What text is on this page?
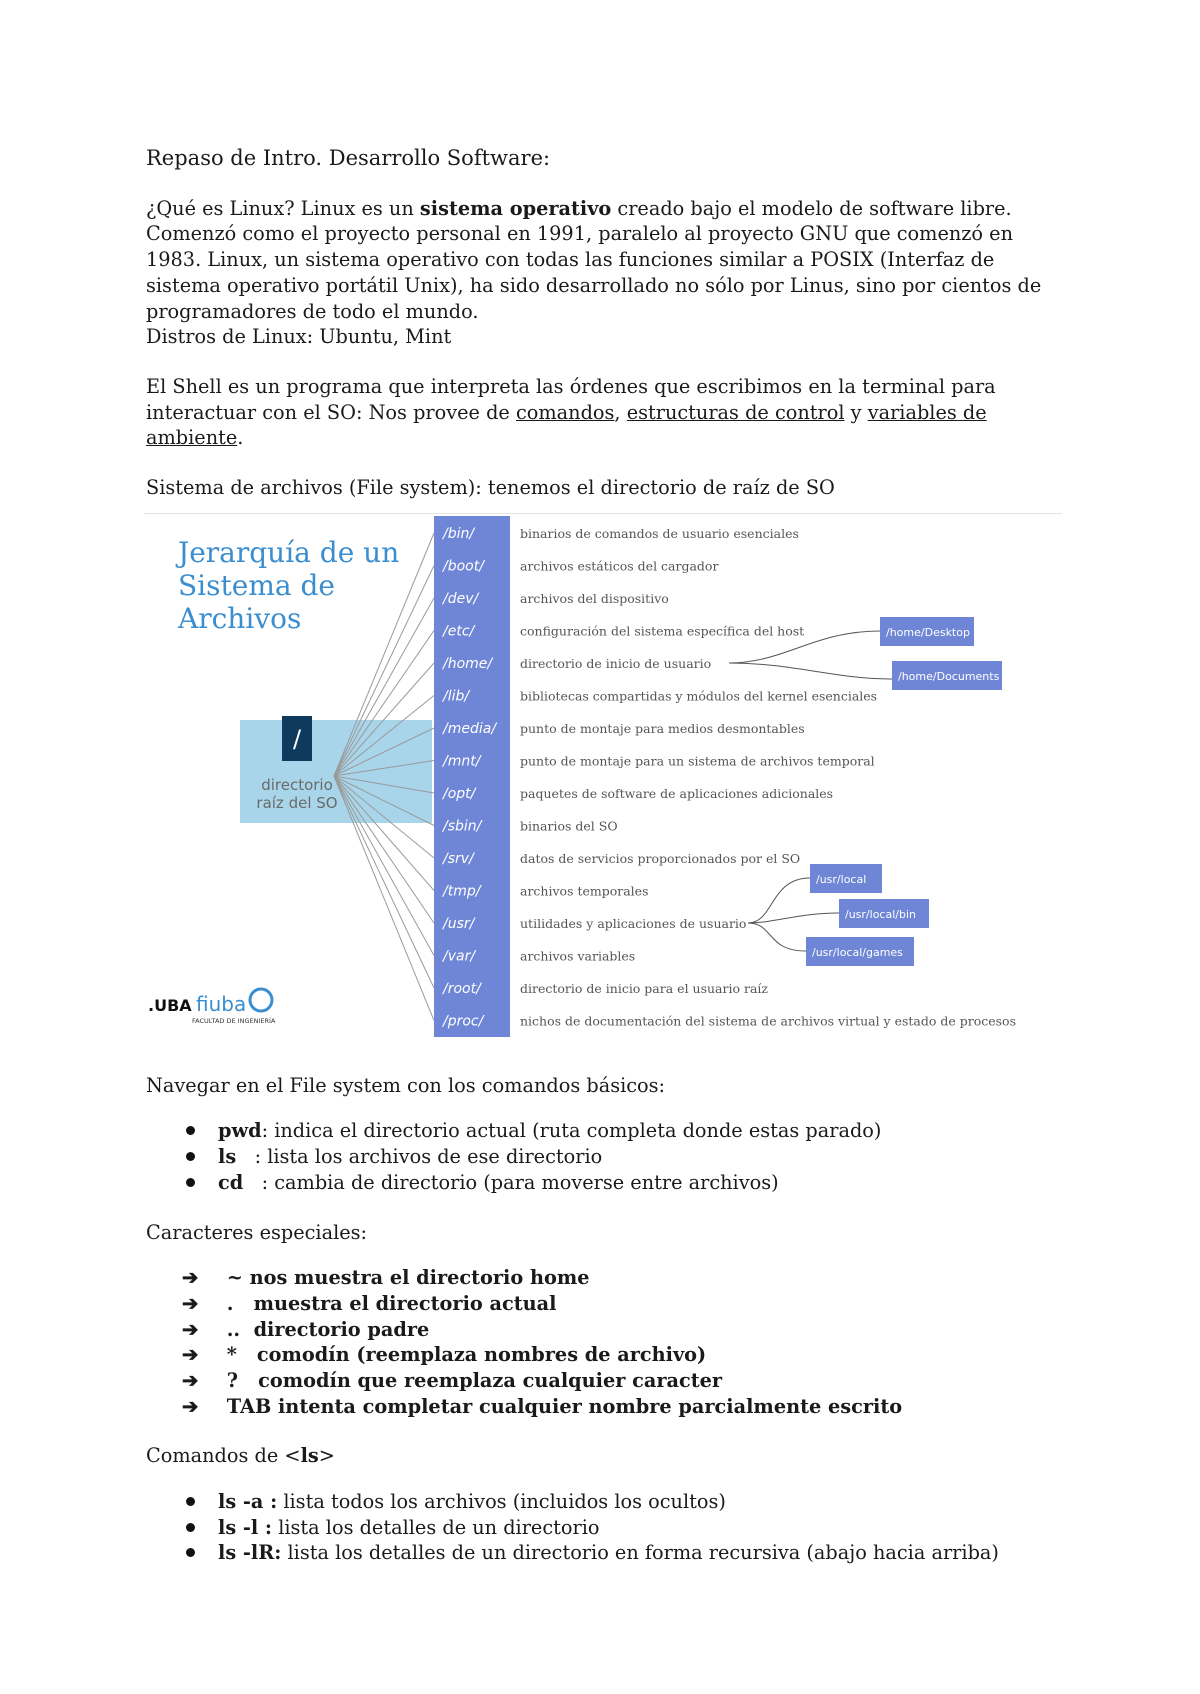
Repaso de Intro. Desarrollo Software:

¿Qué es Linux? Linux es un sistema operativo creado bajo el modelo de software libre. Comenzó como el proyecto personal en 1991, paralelo al proyecto GNU que comenzó en 1983. Linux, un sistema operativo con todas las funciones similar a POSIX (Interfaz de sistema operativo portátil Unix), ha sido desarrollado no sólo por Linus, sino por cientos de programadores de todo el mundo.
Distros de Linux: Ubuntu, Mint

El Shell es un programa que interpreta las órdenes que escribimos en la terminal para interactuar con el SO: Nos provee de comandos, estructuras de control y variables de ambiente.

Sistema de archivos (File system): tenemos el directorio de raíz de SO

Jerarquía de un
Sistema de
Archivos
/
directorio
raíz del SO
/bin/	binarios de comandos de usuario esenciales
/boot/	archivos estáticos del cargador
/dev/	archivos del dispositivo
/etc/	configuración del sistema específica del host
/home/ directorio de inicio de usuario
/lib/	bibliotecas compartidas y módulos del kernel esenciales
/media/ punto de montaje para medios desmontables
/mnt/	punto de montaje para un sistema de archivos temporal
/opt/	paquetes de software de aplicaciones adicionales
/sbin/	binarios del SO
/srv/	datos de servicios proporcionados por el SO
/tmp/	archivos temporales
/usr/	utilidades y aplicaciones de usuario
/var/	archivos variables
/root/	directorio de inicio para el usuario raíz
/proc/	nichos de documentación del sistema de archivos virtual y estado de procesos
/home/Desktop
/home/Documents
/usr/local
/usr/local/bin
/usr/local/games
.UBA fiuba
FACULTAD DE INGENIERÍA

Navegar en el File system con los comandos básicos:

pwd: indica el directorio actual (ruta completa donde estas parado)
ls   : lista los archivos de ese directorio
cd   : cambia de directorio (para moverse entre archivos)

Caracteres especiales:

➔ ~ nos muestra el directorio home
➔ .   muestra el directorio actual
➔ ..  directorio padre
➔ *   comodín (reemplaza nombres de archivo)
➔ ?   comodín que reemplaza cualquier caracter
➔ TAB intenta completar cualquier nombre parcialmente escrito

Comandos de <ls>

ls -a : lista todos los archivos (incluidos los ocultos)
ls -l : lista los detalles de un directorio
ls -lR: lista los detalles de un directorio en forma recursiva (abajo hacia arriba)
